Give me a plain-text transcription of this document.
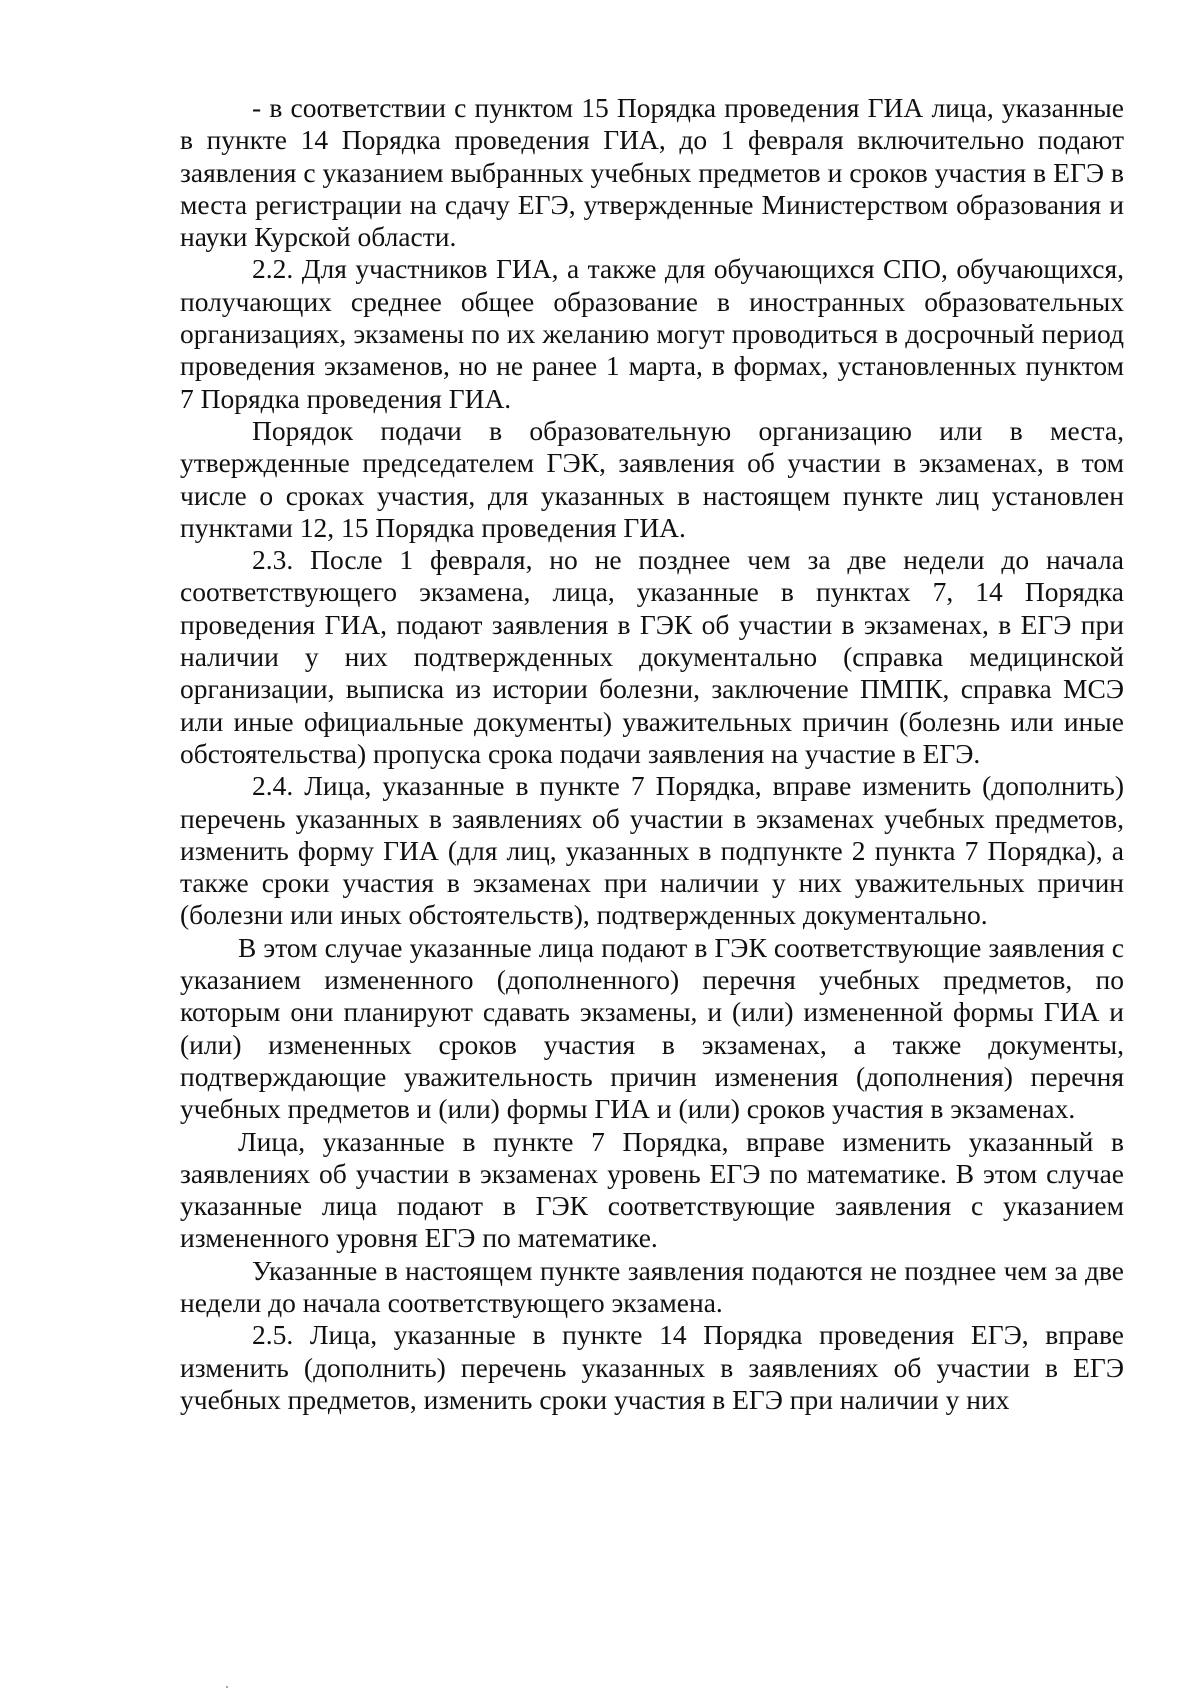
- в соответствии с пунктом 15 Порядка проведения ГИА лица, указанные в пункте 14 Порядка проведения ГИА, до 1 февраля включительно подают заявления с указанием выбранных учебных предметов и сроков участия в ЕГЭ в места регистрации на сдачу ЕГЭ, утвержденные Министерством образования и науки Курской области.

2.2. Для участников ГИА, а также для обучающихся СПО, обучающихся, получающих среднее общее образование в иностранных образовательных организациях, экзамены по их желанию могут проводиться в досрочный период проведения экзаменов, но не ранее 1 марта, в формах, установленных пунктом 7 Порядка проведения ГИА.

Порядок подачи в образовательную организацию или в места, утвержденные председателем ГЭК, заявления об участии в экзаменах, в том числе о сроках участия, для указанных в настоящем пункте лиц установлен пунктами 12, 15 Порядка проведения ГИА.

2.3. После 1 февраля, но не позднее чем за две недели до начала соответствующего экзамена, лица, указанные в пунктах 7, 14 Порядка проведения ГИА, подают заявления в ГЭК об участии в экзаменах, в ЕГЭ при наличии у них подтвержденных документально (справка медицинской организации, выписка из истории болезни, заключение ПМПК, справка МСЭ или иные официальные документы) уважительных причин (болезнь или иные обстоятельства) пропуска срока подачи заявления на участие в ЕГЭ.

2.4. Лица, указанные в пункте 7 Порядка, вправе изменить (дополнить) перечень указанных в заявлениях об участии в экзаменах учебных предметов, изменить форму ГИА (для лиц, указанных в подпункте 2 пункта 7 Порядка), а также сроки участия в экзаменах при наличии у них уважительных причин (болезни или иных обстоятельств), подтвержденных документально.

В этом случае указанные лица подают в ГЭК соответствующие заявления с указанием измененного (дополненного) перечня учебных предметов, по которым они планируют сдавать экзамены, и (или) измененной формы ГИА и (или) измененных сроков участия в экзаменах, а также документы, подтверждающие уважительность причин изменения (дополнения) перечня учебных предметов и (или) формы ГИА и (или) сроков участия в экзаменах.

Лица, указанные в пункте 7 Порядка, вправе изменить указанный в заявлениях об участии в экзаменах уровень ЕГЭ по математике. В этом случае указанные лица подают в ГЭК соответствующие заявления с указанием измененного уровня ЕГЭ по математике.

Указанные в настоящем пункте заявления подаются не позднее чем за две недели до начала соответствующего экзамена.

2.5. Лица, указанные в пункте 14 Порядка проведения ЕГЭ, вправе изменить (дополнить) перечень указанных в заявлениях об участии в ЕГЭ учебных предметов, изменить сроки участия в ЕГЭ при наличии у них
